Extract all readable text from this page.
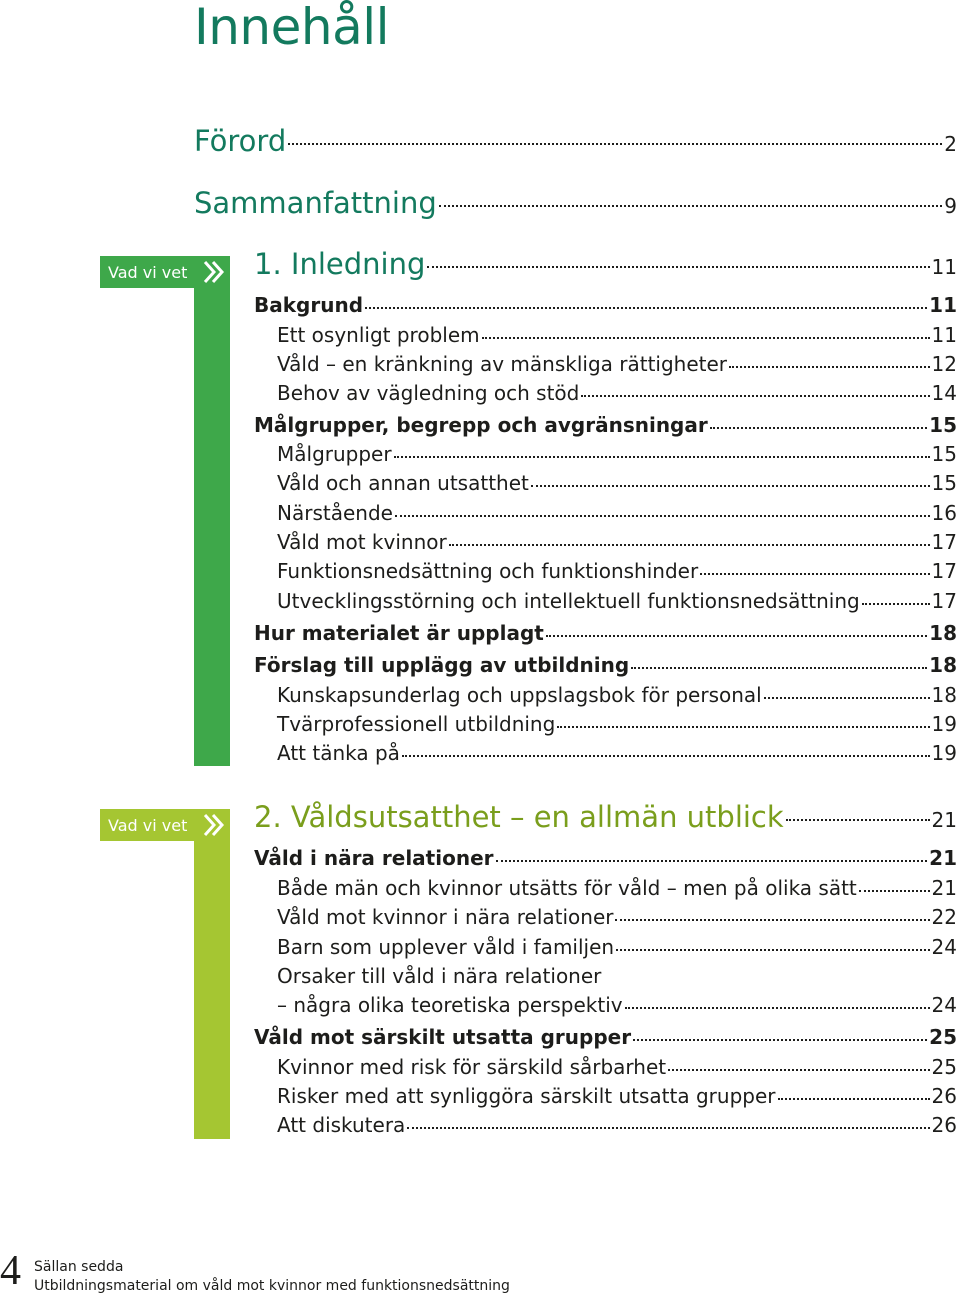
Innehåll
Förord	2
Sammanfattning	9
Vad vi vet 1. Inledning	11
Bakgrund	11
Ett osynligt problem	11
Våld – en kränkning av mänskliga rättigheter	12
Behov av vägledning och stöd	14
Målgrupper, begrepp och avgränsningar	15
Målgrupper	15
Våld och annan utsatthet	15
Närstående	16
Våld mot kvinnor	17
Funktionsnedsättning och funktionshinder	17
Utvecklingsstörning och intellektuell funktionsnedsättning	17
Hur materialet är upplagt	18
Förslag till upplägg av utbildning	18
Kunskapsunderlag och uppslagsbok för personal	18
Tvärprofessionell utbildning	19
Att tänka på	19
Vad vi vet 2. Våldsutsatthet – en allmän utblick	21
Våld i nära relationer	21
Både män och kvinnor utsätts för våld – men på olika sätt	21
Våld mot kvinnor i nära relationer	22
Barn som upplever våld i familjen	24
Orsaker till våld i nära relationer
– några olika teoretiska perspektiv	24
Våld mot särskilt utsatta grupper	25
Kvinnor med risk för särskild sårbarhet	25
Risker med att synliggöra särskilt utsatta grupper	26
Att diskutera	26
4 Sällan sedda
Utbildningsmaterial om våld mot kvinnor med funktionsnedsättning
